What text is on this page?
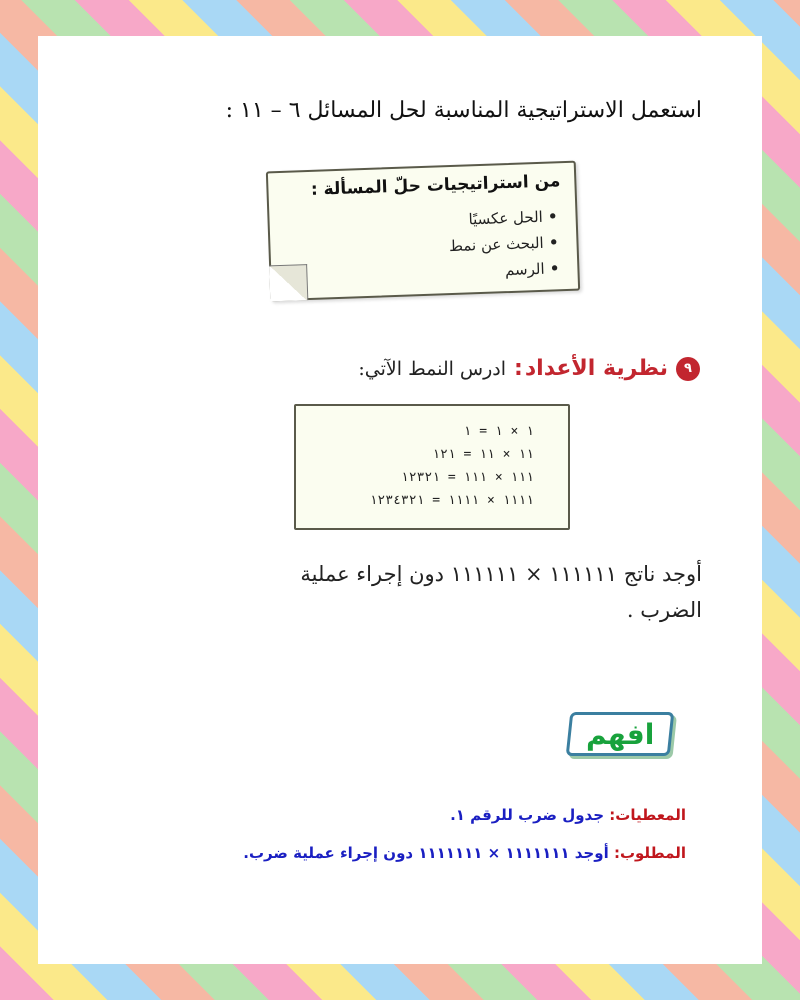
استعمل الاستراتيجية المناسبة لحل المسائل ٦ – ١١ :
من استراتيجيات حلّ المسألة :
• الحل عكسيًا
• البحث عن نمط
• الرسم
٩
نظرية الأعداد
:
ادرس النمط الآتي:
١ × ١ = ١
١١ × ١١ = ١٢١
١١١ × ١١١ = ١٢٣٢١
١١١١ × ١١١١ = ١٢٣٤٣٢١
أوجد ناتج ١١١١١١ × ١١١١١١ دون إجراء عملية
الضرب .
افهم
المعطيات: جدول ضرب للرقم ١.
المطلوب: أوجد ١١١١١١١ × ١١١١١١١ دون إجراء عملية ضرب.
